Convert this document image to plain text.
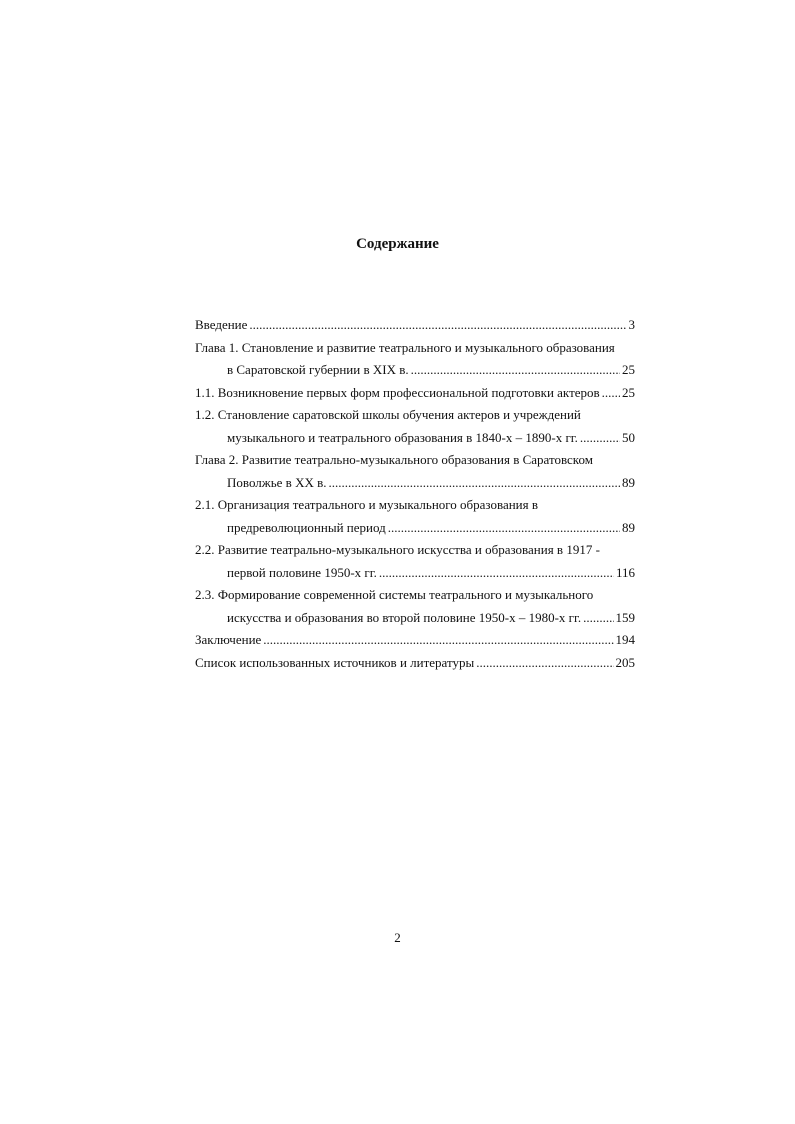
Содержание
Введение .....	3
Глава 1. Становление и развитие театрального и музыкального образования
в Саратовской губернии в XIX в. .....	25
1.1. Возникновение первых форм профессиональной подготовки актеров ..... 25
1.2. Становление саратовской школы обучения актеров и учреждений
музыкального и театрального образования в 1840-х – 1890-х гг. .....	50
Глава 2. Развитие театрально-музыкального образования в Саратовском
Поволжье в ХХ в. .....	89
2.1. Организация театрального и музыкального образования в
предреволюционный период .....	89
2.2. Развитие театрально-музыкального искусства и образования в 1917 -
первой половине 1950-х гг. .....	116
2.3. Формирование современной системы театрального и музыкального
искусства и образования во второй половине 1950-х – 1980-х гг. .....	159
Заключение .....	194
Список использованных источников и литературы .....	205
2
